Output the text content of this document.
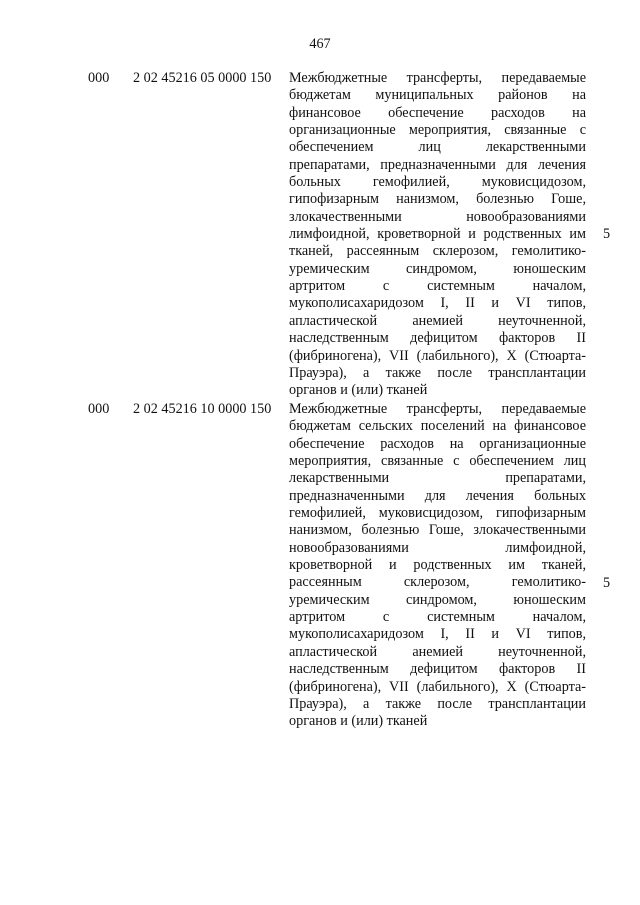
467
000 2 02 45216 05 0000 150 Межбюджетные трансферты, передаваемые
бюджетам муниципальных районов на
финансовое обеспечение расходов на
организационные мероприятия, связанные с
обеспечением лиц лекарственными
препаратами, предназначенными для лечения
больных гемофилией, муковисцидозом,
гипофизарным нанизмом, болезнью Гоше,
злокачественными новообразованиями
лимфоидной, кроветворной и родственных им
тканей, рассеянным склерозом, гемолитико-
уремическим синдромом, юношеским
артритом с системным началом,
мукополисахаридозом I, II и VI типов,
апластической анемией неуточненной,
наследственным дефицитом факторов II
(фибриногена), VII (лабильного), X (Стюарта-
Прауэра), а также после трансплантации
органов и (или) тканей
5
000 2 02 45216 10 0000 150 Межбюджетные трансферты, передаваемые
бюджетам сельских поселений на финансовое
обеспечение расходов на организационные
мероприятия, связанные с обеспечением лиц
лекарственными препаратами,
предназначенными для лечения больных
гемофилией, муковисцидозом, гипофизарным
нанизмом, болезнью Гоше, злокачественными
новообразованиями лимфоидной,
кроветворной и родственных им тканей,
рассеянным склерозом, гемолитико-
уремическим синдромом, юношеским
артритом с системным началом,
мукополисахаридозом I, II и VI типов,
апластической анемией неуточненной,
наследственным дефицитом факторов II
(фибриногена), VII (лабильного), X (Стюарта-
Прауэра), а также после трансплантации
органов и (или) тканей
5
